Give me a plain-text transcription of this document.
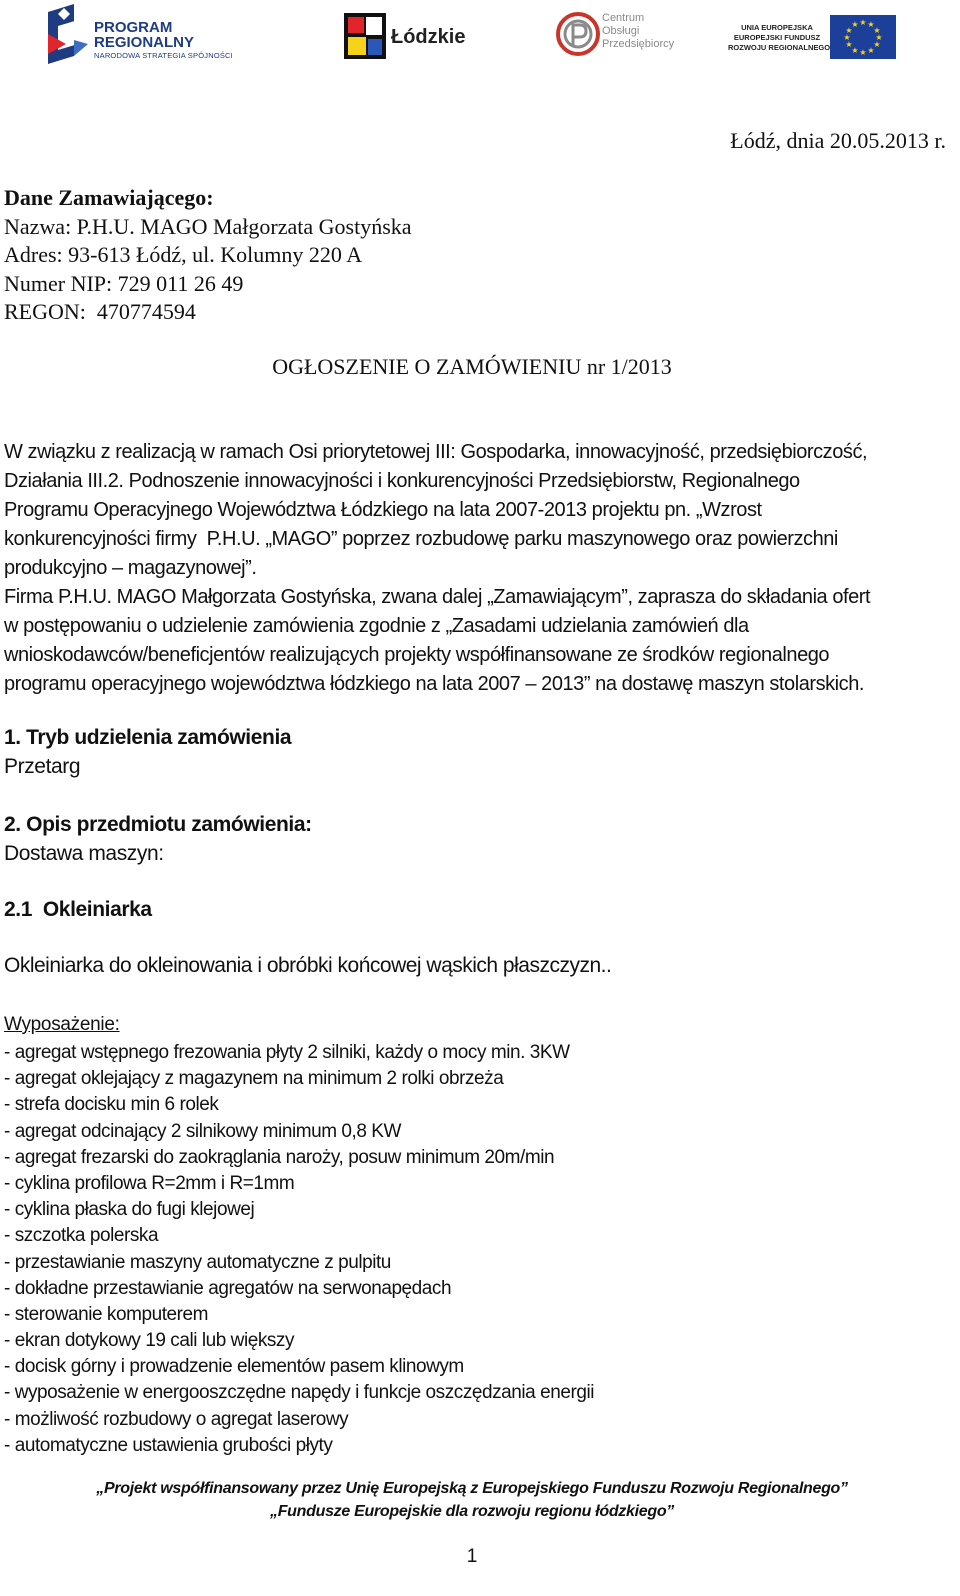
PROGRAM
REGIONALNY
NARODOWA STRATEGIA SPÓJNOŚCI
Łódzkie
Centrum
Obsługi
Przedsiębiorcy
UNIA EUROPEJSKA
EUROPEJSKI FUNDUSZ
ROZWOJU REGIONALNEGO
★ ★
★
★
★
★
★
★
★
★
★
★
Łódź, dnia 20.05.2013 r.
Dane Zamawiającego:
Nazwa: P.H.U. MAGO Małgorzata Gostyńska
Adres: 93-613 Łódź, ul. Kolumny 220 A
Numer NIP: 729 011 26 49
REGON:  470774594
OGŁOSZENIE O ZAMÓWIENIU nr 1/2013
W związku z realizacją w ramach Osi priorytetowej III: Gospodarka, innowacyjność, przedsiębiorczość,
Działania III.2. Podnoszenie innowacyjności i konkurencyjności Przedsiębiorstw, Regionalnego
Programu Operacyjnego Województwa Łódzkiego na lata 2007-2013 projektu pn. „Wzrost
konkurencyjności firmy  P.H.U. „MAGO” poprzez rozbudowę parku maszynowego oraz powierzchni
produkcyjno – magazynowej”.
Firma P.H.U. MAGO Małgorzata Gostyńska, zwana dalej „Zamawiającym”, zaprasza do składania ofert
w postępowaniu o udzielenie zamówienia zgodnie z „Zasadami udzielania zamówień dla
wnioskodawców/beneficjentów realizujących projekty współfinansowane ze środków regionalnego
programu operacyjnego województwa łódzkiego na lata 2007 – 2013” na dostawę maszyn stolarskich.
1. Tryb udzielenia zamówienia
Przetarg
2. Opis przedmiotu zamówienia:
Dostawa maszyn:
2.1  Okleiniarka
Okleiniarka do okleinowania i obróbki końcowej wąskich płaszczyzn..
Wyposażenie:
- agregat wstępnego frezowania płyty 2 silniki, każdy o mocy min. 3KW
- agregat oklejający z magazynem na minimum 2 rolki obrzeża
- strefa docisku min 6 rolek
- agregat odcinający 2 silnikowy minimum 0,8 KW
- agregat frezarski do zaokrąglania naroży, posuw minimum 20m/min
- cyklina profilowa R=2mm i R=1mm
- cyklina płaska do fugi klejowej
- szczotka polerska
- przestawianie maszyny automatyczne z pulpitu
- dokładne przestawianie agregatów na serwonapędach
- sterowanie komputerem
- ekran dotykowy 19 cali lub większy
- docisk górny i prowadzenie elementów pasem klinowym
- wyposażenie w energooszczędne napędy i funkcje oszczędzania energii
- możliwość rozbudowy o agregat laserowy
- automatyczne ustawienia grubości płyty
„Projekt współfinansowany przez Unię Europejską z Europejskiego Funduszu Rozwoju Regionalnego”
„Fundusze Europejskie dla rozwoju regionu łódzkiego”
1
